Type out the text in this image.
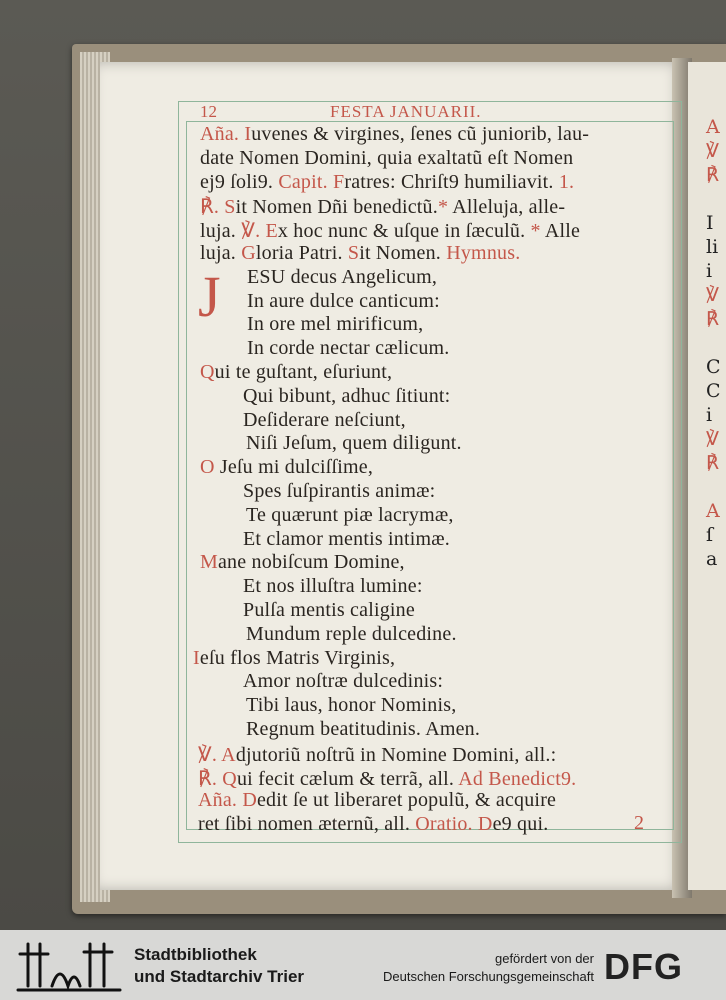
A
℣
℟

I
li
i
℣
℟

C
C
i
℣
℟

A
ſ
a
12	FESTA JANUARII.
J
Aña. Iuvenes & virgines, ſenes cũ juniorib, lau-
date Nomen Domini, quia exaltatũ eſt Nomen
ej9 ſoli9. Capit. Fratres: Chriſt9 humiliavit. 1.
℟. Sit Nomen Dñi benedictũ.* Alleluja, alle-
luja. ℣. Ex hoc nunc & uſque in ſæculũ. * Alle
luja. Gloria Patri. Sit Nomen. Hymnus.
ESU decus Angelicum,
In aure dulce canticum:
In ore mel mirificum,
In corde nectar cælicum.
Qui te guſtant, eſuriunt,
Qui bibunt, adhuc ſitiunt:
Deſiderare neſciunt,
Niſi Jeſum, quem diligunt.
O Jeſu mi dulciſſime,
Spes ſuſpirantis animæ:
Te quærunt piæ lacrymæ,
Et clamor mentis intimæ.
Mane nobiſcum Domine,
Et nos illuſtra lumine:
Pulſa mentis caligine
Mundum reple dulcedine.
Ieſu flos Matris Virginis,
Amor noſtræ dulcedinis:
Tibi laus, honor Nominis,
Regnum beatitudinis. Amen.
℣. Adjutoriũ noſtrũ in Nomine Domini, all.:
℟. Qui fecit cælum & terrã, all. Ad Benedict9.
Aña. Dedit ſe ut liberaret populũ, & acquire
ret ſibi nomen æternũ, all. Oratio. De9 qui.	2
Stadtbibliothek
und Stadtarchiv Trier
gefördert von der
Deutschen Forschungsgemeinschaft DFG
